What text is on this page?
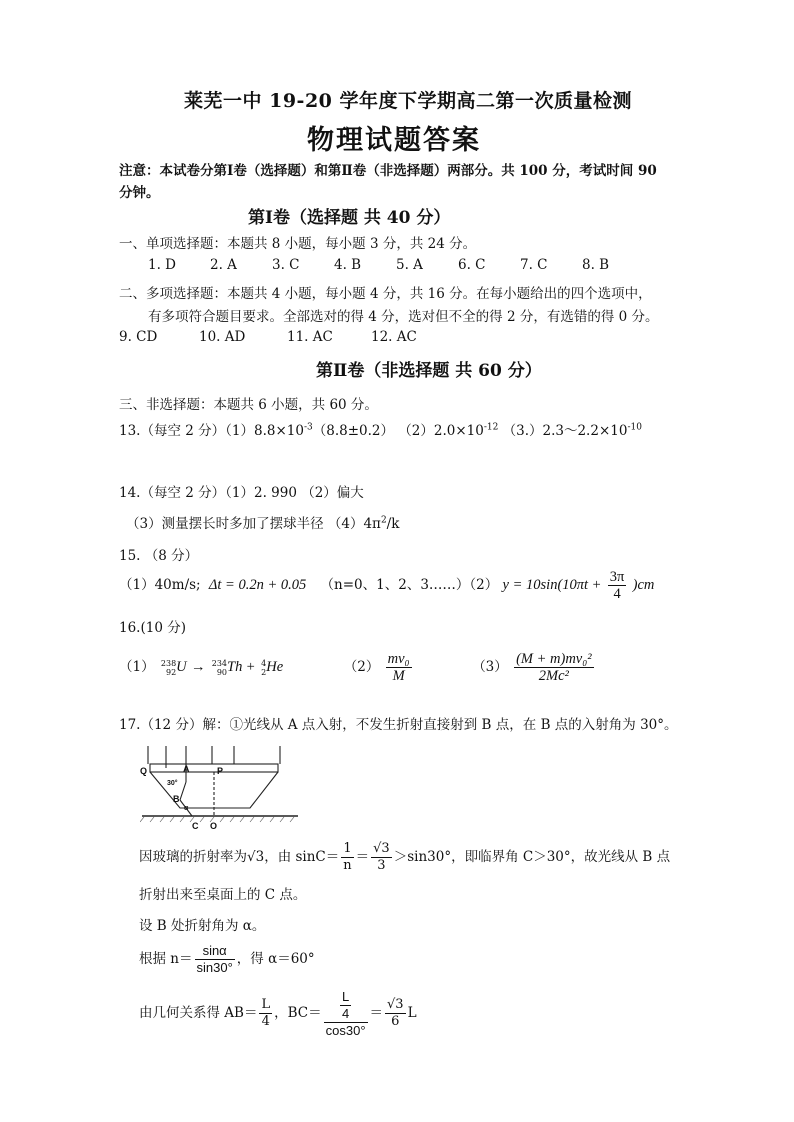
莱芜一中 19-20 学年度下学期高二第一次质量检测
物理试题答案
注意：本试卷分第Ⅰ卷（选择题）和第Ⅱ卷（非选择题）两部分。共 100 分，考试时间 90
分钟。
第Ⅰ卷（选择题 共 40 分）
一、单项选择题：本题共 8 小题，每小题 3 分，共 24 分。
1. D	2. A	3. C	4. B	5. A	6. C	7. C	8. B
二、多项选择题：本题共 4 小题，每小题 4 分，共 16 分。在每小题给出的四个选项中，
有多项符合题目要求。全部选对的得 4 分，选对但不全的得 2 分，有选错的得 0 分。
9. CD	10. AD	11. AC	12. AC
第Ⅱ卷（非选择题 共 60 分）
三、非选择题：本题共 6 小题，共 60 分。
13.（每空 2 分）$(1)8.8\times 10^{-3}(8.8\pm 0.2)$ $(2)2.0\times 10^{-12}$ $(3.)2.3\sim 2.2\times 10^{-10}$
14.（每空 2 分）（1）2. 990 （2）偏大
（3）测量摆长时多加了摆球半径 $(4)4\pi^2/k$
15. （8 分）
（1）40m/s; Δt = 0.2n + 0.05 （n=0、1、2、3……）（2） $y = 10\sin(10\pi t + \frac{3\pi}{4} )cm$
16.(10 分)
（1） 238
92 U → 234
90 Th + 4
2 He	$(2) \frac{\text{mv₀}}{M}$	$(3) \frac{\text{(M + m)mv₀²}}{\text{2Mc²}}$
17.（12 分）解：①光线从 A 点入射，不发生折射直接射到 B 点，在 B 点的入射角为 30°。
Q	A	P
30°
B
α
C O
因玻璃的折射率为√3，由 $\sin C= \frac{1}{n} = \frac{√3}{3} >\sin 30^\circ$，即临界角 C＞30°，故光线从 B 点
折射出来至桌面上的 C 点。
设 B 处折射角为 α。
根据 $n= \frac{\sin\alpha}{\sin 30^\circ}$ ，得 α＝60°
由几何关系得 $AB= \frac{L}{4}$ ，$BC= \frac{\frac{L}{4}}{\cos 30^\circ} = \frac{√3}{6}$ L
